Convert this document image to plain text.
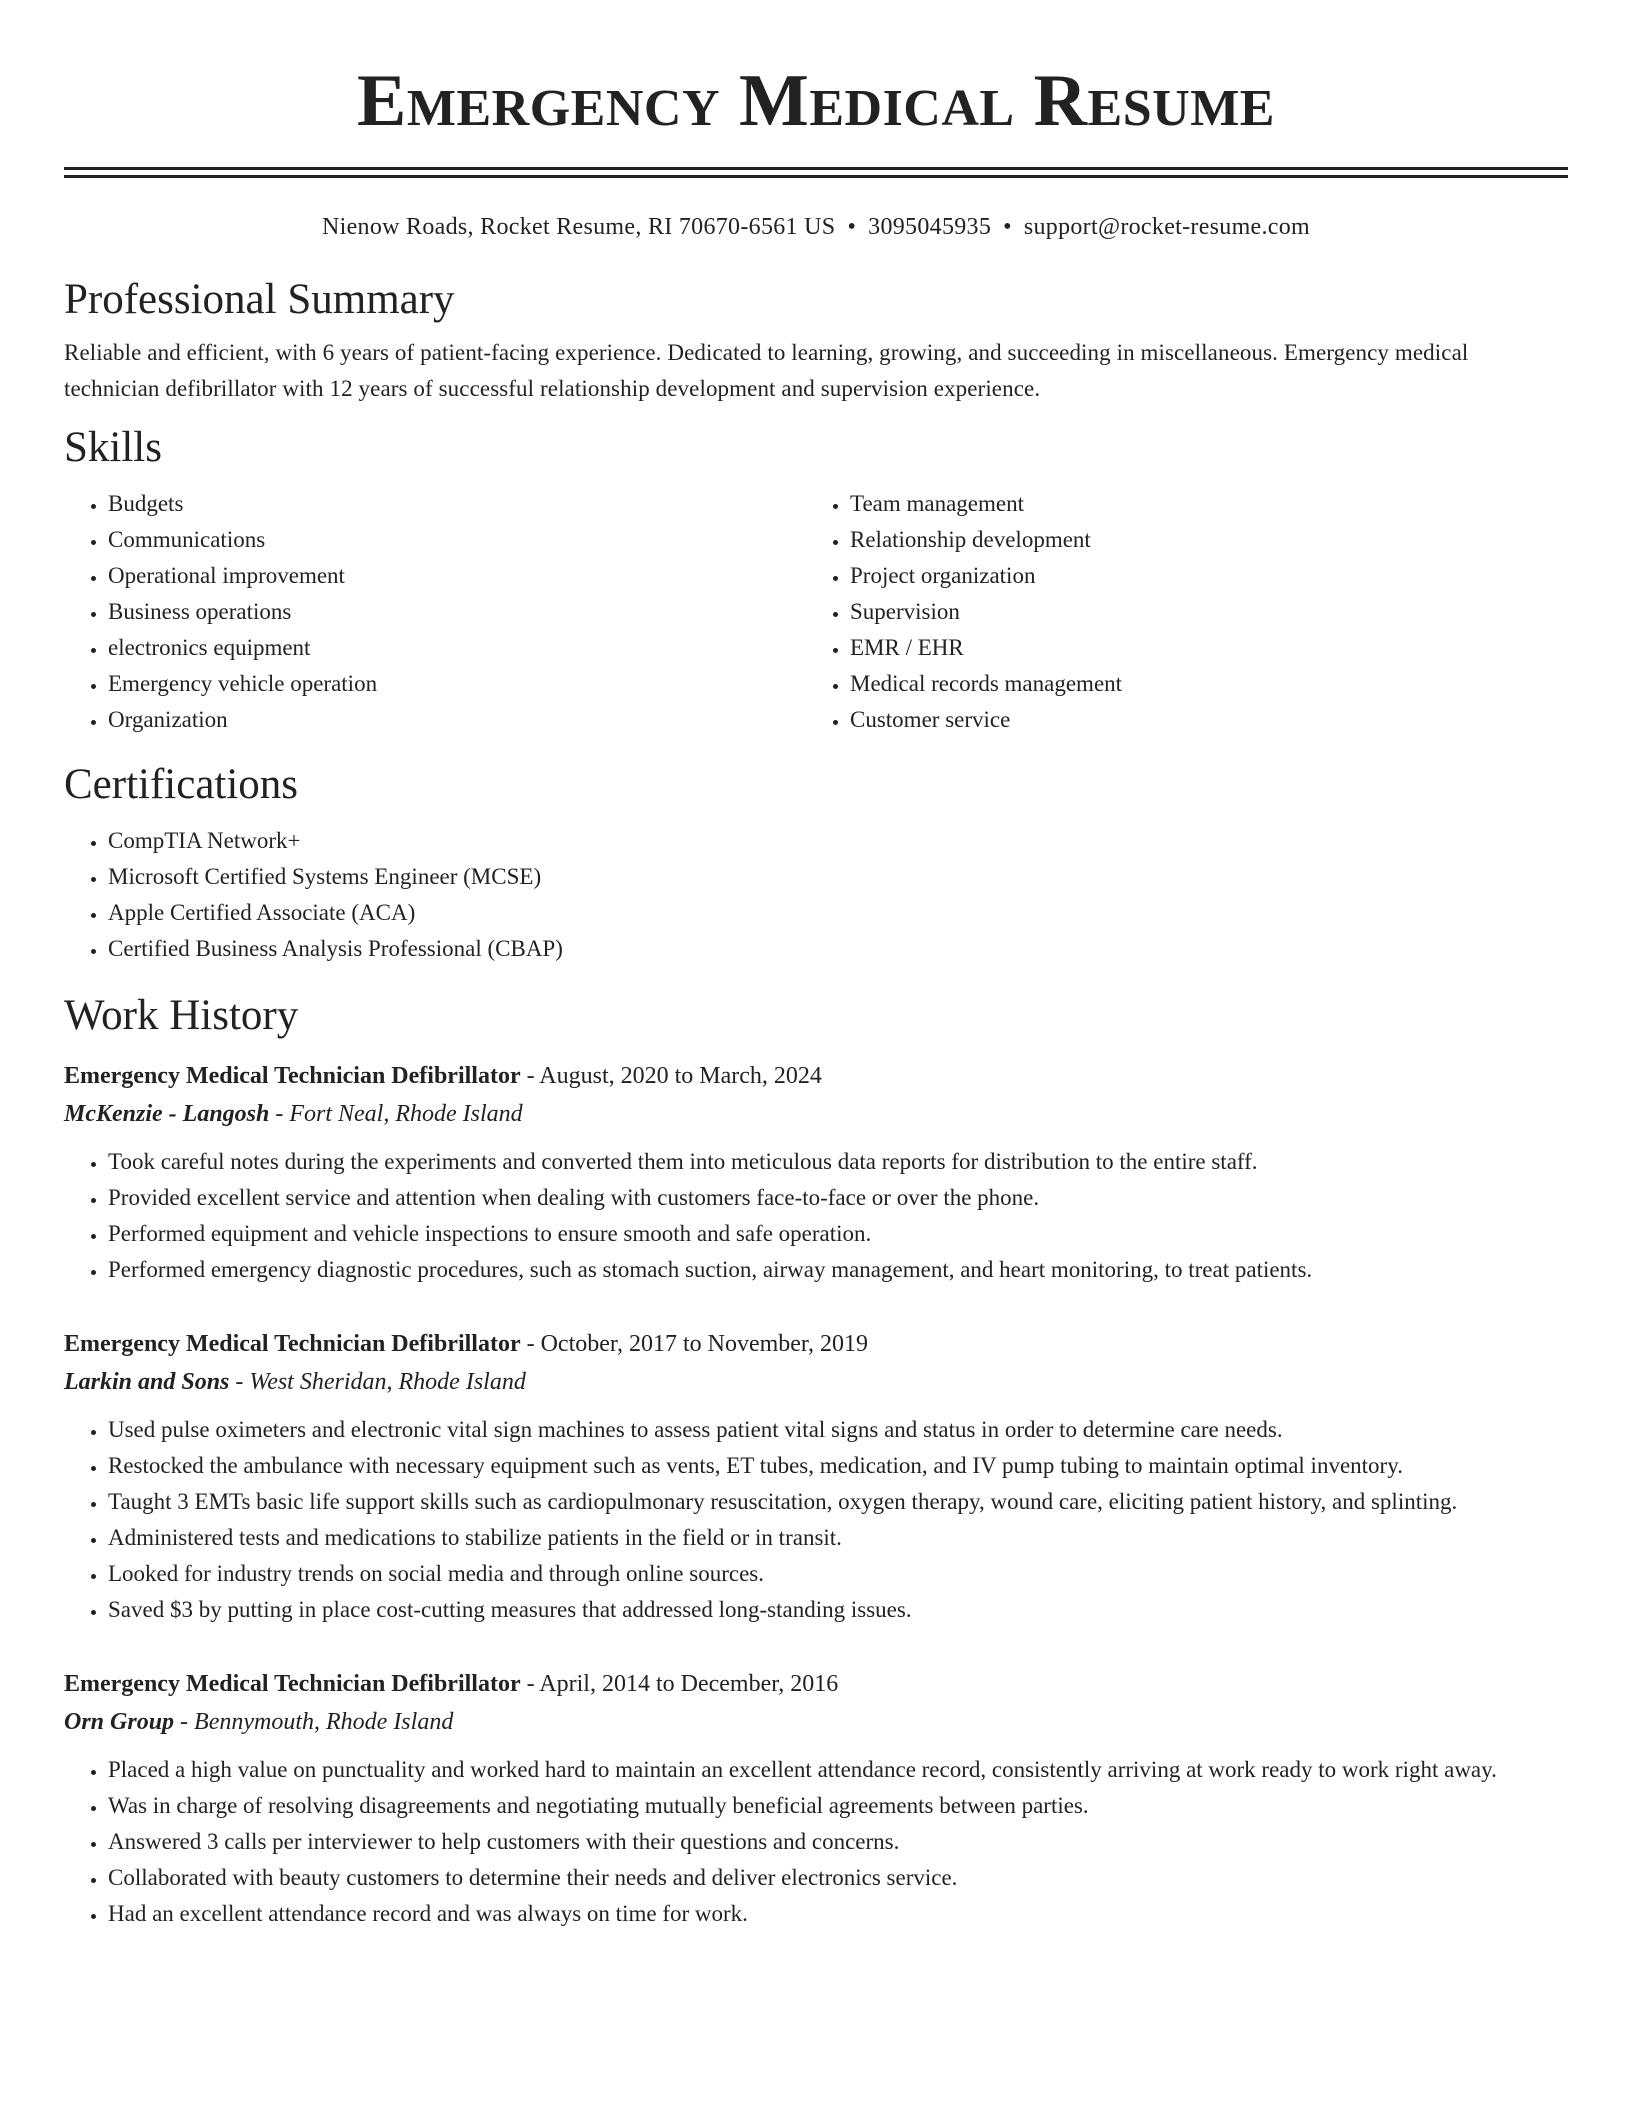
Emergency Medical Resume
Nienow Roads, Rocket Resume, RI 70670-6561 US • 3095045935 • support@rocket-resume.com
Professional Summary
Reliable and efficient, with 6 years of patient-facing experience. Dedicated to learning, growing, and succeeding in miscellaneous. Emergency medical technician defibrillator with 12 years of successful relationship development and supervision experience.
Skills
• Budgets
• Communications
• Operational improvement
• Business operations
• electronics equipment
• Emergency vehicle operation
• Organization
• Team management
• Relationship development
• Project organization
• Supervision
• EMR / EHR
• Medical records management
• Customer service
Certifications
• CompTIA Network+
• Microsoft Certified Systems Engineer (MCSE)
• Apple Certified Associate (ACA)
• Certified Business Analysis Professional (CBAP)
Work History
Emergency Medical Technician Defibrillator - August, 2020 to March, 2024
McKenzie - Langosh - Fort Neal, Rhode Island
• Took careful notes during the experiments and converted them into meticulous data reports for distribution to the entire staff.
• Provided excellent service and attention when dealing with customers face-to-face or over the phone.
• Performed equipment and vehicle inspections to ensure smooth and safe operation.
• Performed emergency diagnostic procedures, such as stomach suction, airway management, and heart monitoring, to treat patients.
Emergency Medical Technician Defibrillator - October, 2017 to November, 2019
Larkin and Sons - West Sheridan, Rhode Island
• Used pulse oximeters and electronic vital sign machines to assess patient vital signs and status in order to determine care needs.
• Restocked the ambulance with necessary equipment such as vents, ET tubes, medication, and IV pump tubing to maintain optimal inventory.
• Taught 3 EMTs basic life support skills such as cardiopulmonary resuscitation, oxygen therapy, wound care, eliciting patient history, and splinting.
• Administered tests and medications to stabilize patients in the field or in transit.
• Looked for industry trends on social media and through online sources.
• Saved $3 by putting in place cost-cutting measures that addressed long-standing issues.
Emergency Medical Technician Defibrillator - April, 2014 to December, 2016
Orn Group - Bennymouth, Rhode Island
• Placed a high value on punctuality and worked hard to maintain an excellent attendance record, consistently arriving at work ready to work right away.
• Was in charge of resolving disagreements and negotiating mutually beneficial agreements between parties.
• Answered 3 calls per interviewer to help customers with their questions and concerns.
• Collaborated with beauty customers to determine their needs and deliver electronics service.
• Had an excellent attendance record and was always on time for work.
